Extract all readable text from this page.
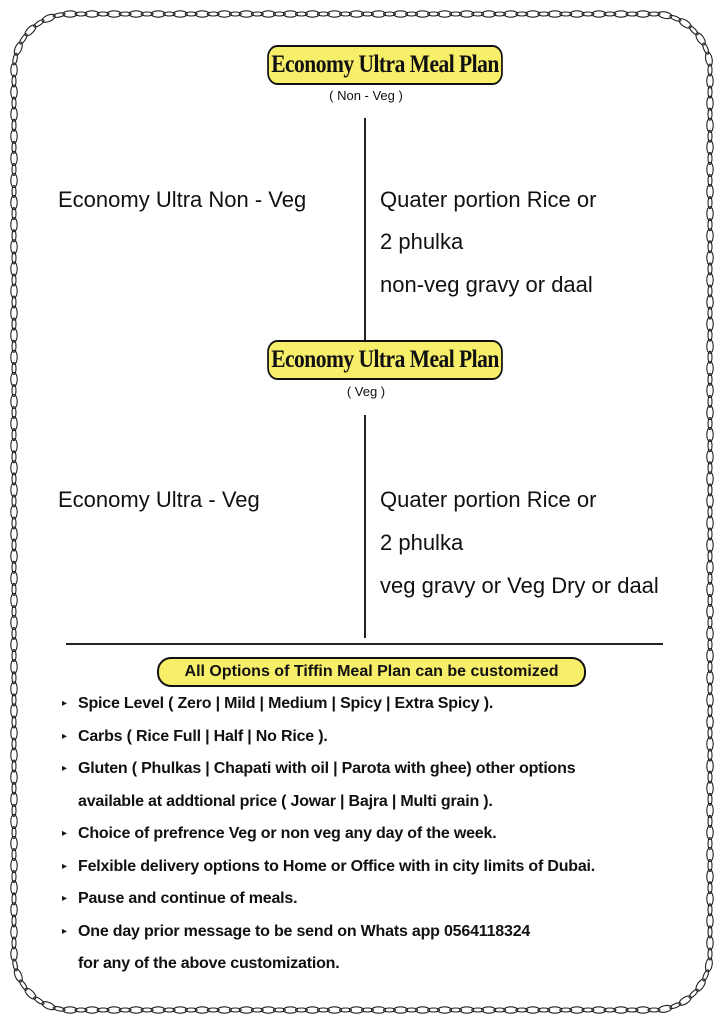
Economy Ultra Meal Plan
( Non - Veg )
Economy Ultra Non - Veg	Quater portion Rice or
2 phulka
non-veg gravy or daal
Economy Ultra Meal Plan
( Veg )
Economy Ultra - Veg	Quater portion Rice or
2 phulka
veg gravy or Veg Dry or daal
All Options of Tiffin Meal Plan can be customized
▸ Spice Level ( Zero | Mild | Medium | Spicy | Extra Spicy ).
▸ Carbs ( Rice Full | Half | No Rice ).
▸ Gluten ( Phulkas | Chapati with oil | Parota with ghee) other options
available at addtional price ( Jowar | Bajra | Multi grain ).
▸ Choice of prefrence Veg or non veg any day of the week.
▸ Felxible delivery options to Home or Office with in city limits of Dubai.
▸ Pause and continue of meals.
▸ One day prior message to be send on Whats app 0564118324
for any of the above customization.
